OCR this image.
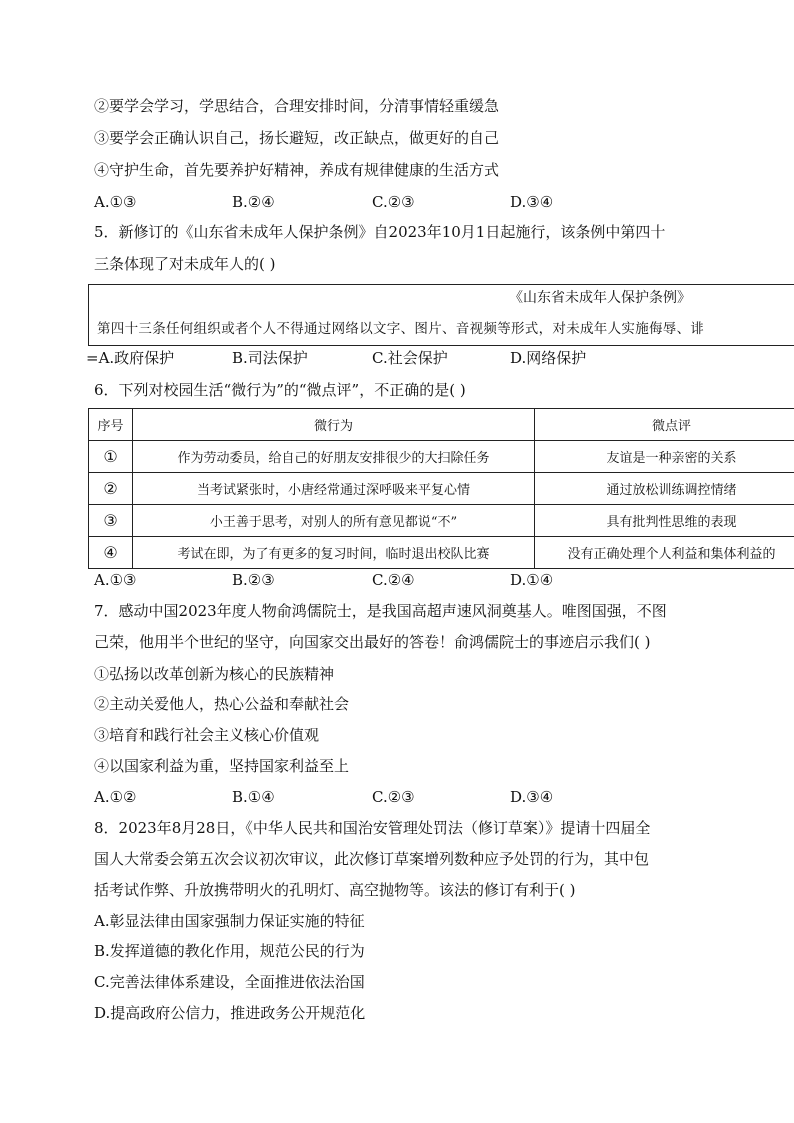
②要学会学习，学思结合，合理安排时间，分清事情轻重缓急
③要学会正确认识自己，扬长避短，改正缺点，做更好的自己
④守护生命，首先要养护好精神，养成有规律健康的生活方式
A.①③	B.②④	C.②③	D.③④
5．新修订的《山东省未成年人保护条例》自2023年10月1日起施行，该条例中第四十
三条体现了对未成年人的( )
《山东省未成年人保护条例》
第四十三条任何组织或者个人不得通过网络以文字、图片、音视频等形式，对未成年人实施侮辱、诽
=A.政府保护	B.司法保护	C.社会保护	D.网络保护
6．下列对校园生活“微行为”的“微点评”，不正确的是( )
序号	微行为	微点评
①	作为劳动委员，给自己的好朋友安排很少的大扫除任务	友谊是一种亲密的关系
②	当考试紧张时，小唐经常通过深呼吸来平复心情	通过放松训练调控情绪
③	小王善于思考，对别人的所有意见都说“不”	具有批判性思维的表现
④	考试在即，为了有更多的复习时间，临时退出校队比赛	没有正确处理个人利益和集体利益的
A.①③	B.②③	C.②④	D.①④
7．感动中国2023年度人物俞鸿儒院士，是我国高超声速风洞奠基人。唯图国强，不图
己荣，他用半个世纪的坚守，向国家交出最好的答卷！俞鸿儒院士的事迹启示我们( )
①弘扬以改革创新为核心的民族精神
②主动关爱他人，热心公益和奉献社会
③培育和践行社会主义核心价值观
④以国家利益为重，坚持国家利益至上
A.①②	B.①④	C.②③	D.③④
8．2023年8月28日，《中华人民共和国治安管理处罚法（修订草案）》提请十四届全
国人大常委会第五次会议初次审议，此次修订草案增列数种应予处罚的行为，其中包
括考试作弊、升放携带明火的孔明灯、高空抛物等。该法的修订有利于( )
A.彰显法律由国家强制力保证实施的特征
B.发挥道德的教化作用，规范公民的行为
C.完善法律体系建设，全面推进依法治国
D.提高政府公信力，推进政务公开规范化
